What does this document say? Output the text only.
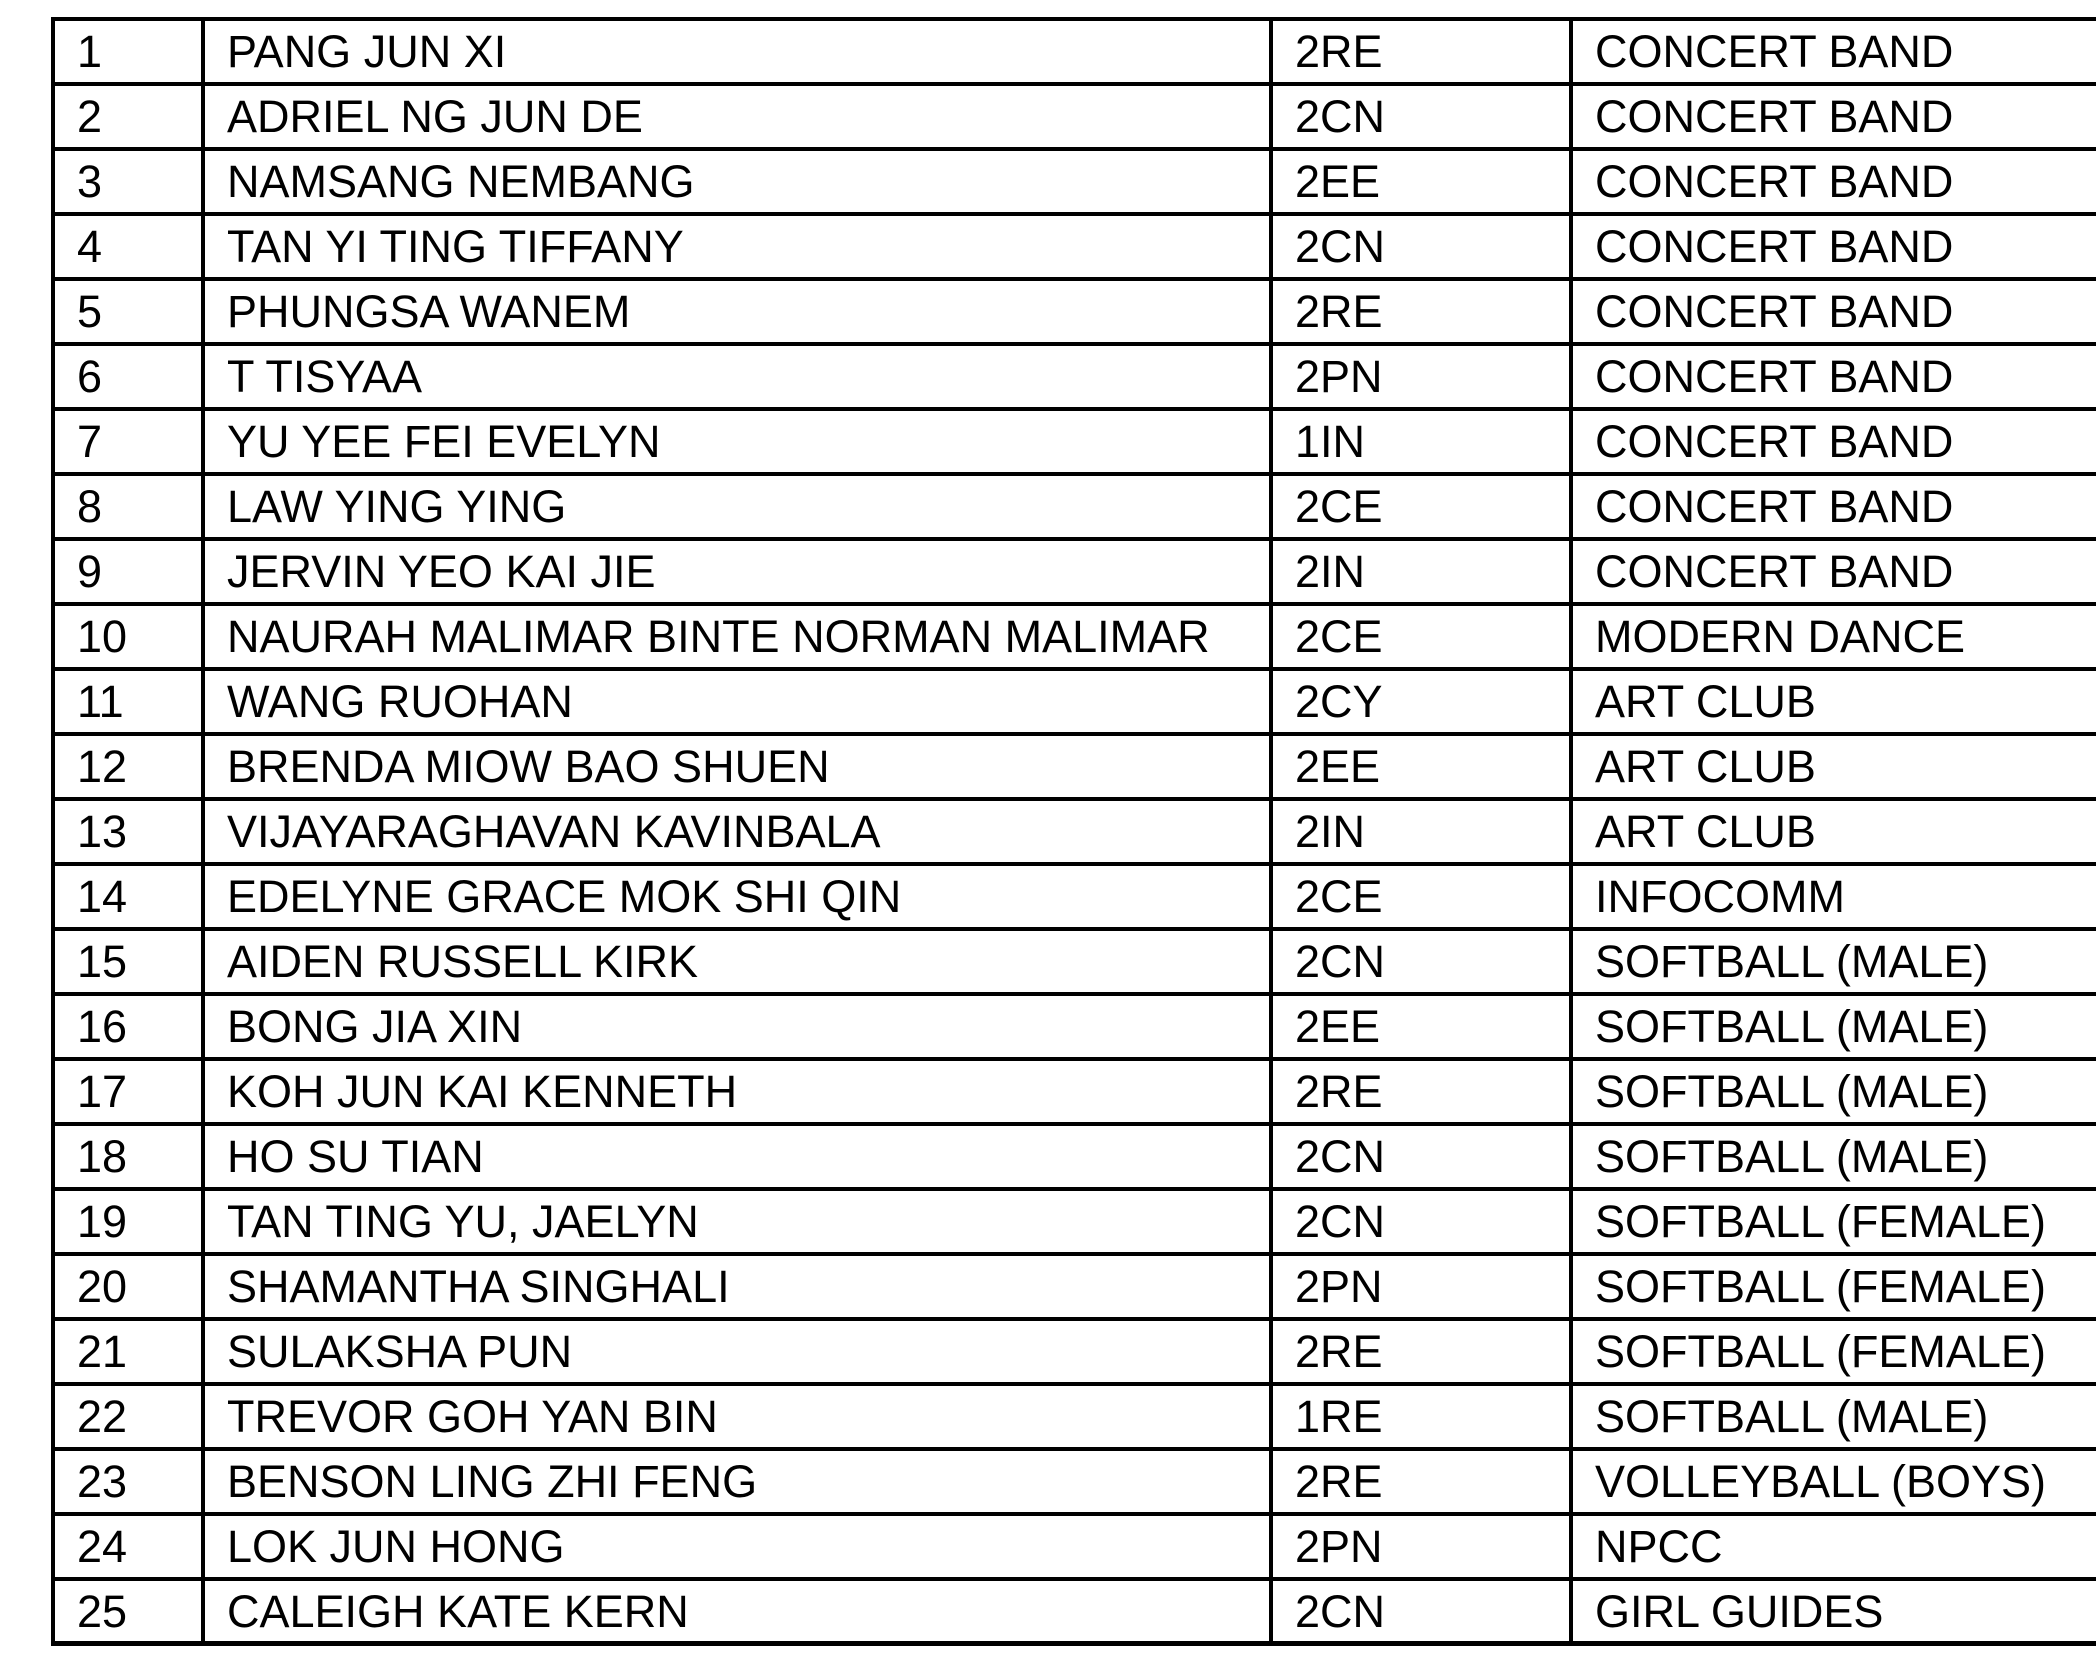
1	PANG JUN XI	2RE	CONCERT BAND
2	ADRIEL NG JUN DE	2CN	CONCERT BAND
3	NAMSANG NEMBANG	2EE	CONCERT BAND
4	TAN YI TING TIFFANY	2CN	CONCERT BAND
5	PHUNGSA WANEM	2RE	CONCERT BAND
6	T TISYAA	2PN	CONCERT BAND
7	YU YEE FEI EVELYN	1IN	CONCERT BAND
8	LAW YING YING	2CE	CONCERT BAND
9	JERVIN YEO KAI JIE	2IN	CONCERT BAND
10	NAURAH MALIMAR BINTE NORMAN MALIMAR	2CE	MODERN DANCE
11	WANG RUOHAN	2CY	ART CLUB
12	BRENDA MIOW BAO SHUEN	2EE	ART CLUB
13	VIJAYARAGHAVAN KAVINBALA	2IN	ART CLUB
14	EDELYNE GRACE MOK SHI QIN	2CE	INFOCOMM
15	AIDEN RUSSELL KIRK	2CN	SOFTBALL (MALE)
16	BONG JIA XIN	2EE	SOFTBALL (MALE)
17	KOH JUN KAI KENNETH	2RE	SOFTBALL (MALE)
18	HO SU TIAN	2CN	SOFTBALL (MALE)
19	TAN TING YU, JAELYN	2CN	SOFTBALL (FEMALE)
20	SHAMANTHA SINGHALI	2PN	SOFTBALL (FEMALE)
21	SULAKSHA PUN	2RE	SOFTBALL (FEMALE)
22	TREVOR GOH YAN BIN	1RE	SOFTBALL (MALE)
23	BENSON LING ZHI FENG	2RE	VOLLEYBALL (BOYS)
24	LOK JUN HONG	2PN	NPCC
25	CALEIGH KATE KERN	2CN	GIRL GUIDES
